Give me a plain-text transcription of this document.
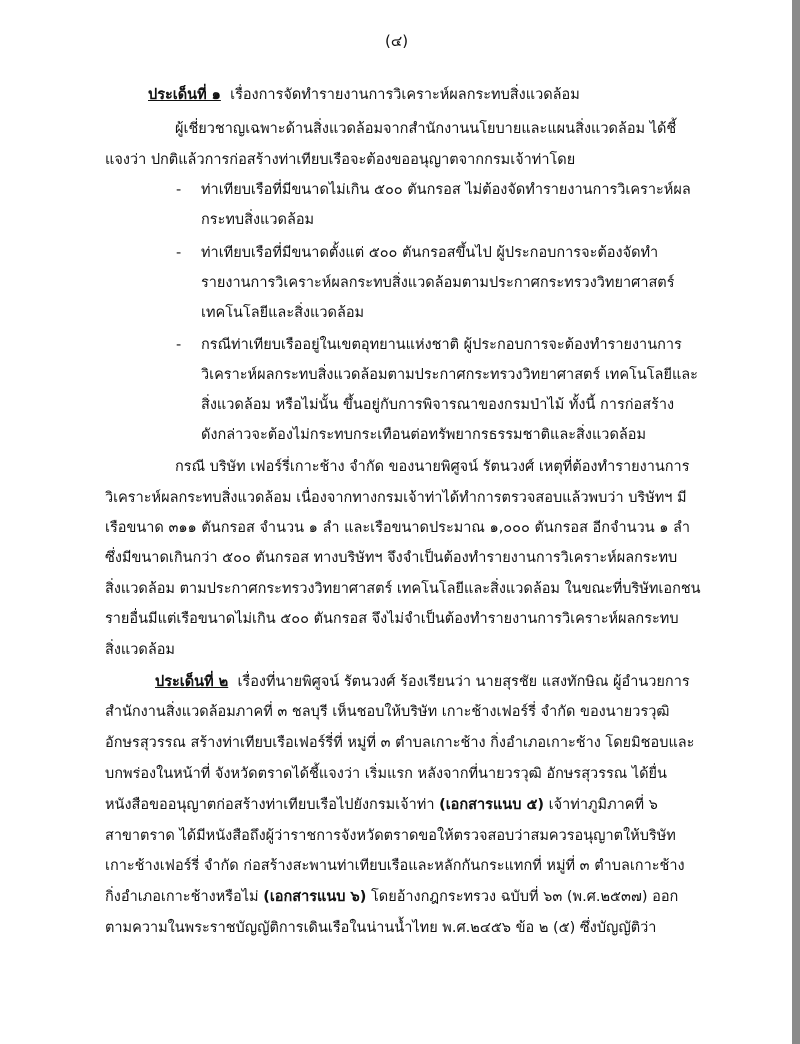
(๔)
ประเด็นที่ ๑ เรื่องการจัดทำรายงานการวิเคราะห์ผลกระทบสิ่งแวดล้อม
ผู้เชี่ยวชาญเฉพาะด้านสิ่งแวดล้อมจากสำนักงานนโยบายและแผนสิ่งแวดล้อม ได้ชี้
แจงว่า ปกติแล้วการก่อสร้างท่าเทียบเรือจะต้องขออนุญาตจากกรมเจ้าท่าโดย
- ท่าเทียบเรือที่มีขนาดไม่เกิน ๕๐๐ ตันกรอส ไม่ต้องจัดทำรายงานการวิเคราะห์ผล
กระทบสิ่งแวดล้อม
- ท่าเทียบเรือที่มีขนาดตั้งแต่ ๕๐๐ ตันกรอสขึ้นไป ผู้ประกอบการจะต้องจัดทำ
รายงานการวิเคราะห์ผลกระทบสิ่งแวดล้อมตามประกาศกระทรวงวิทยาศาสตร์
เทคโนโลยีและสิ่งแวดล้อม
- กรณีท่าเทียบเรืออยู่ในเขตอุทยานแห่งชาติ ผู้ประกอบการจะต้องทำรายงานการ
วิเคราะห์ผลกระทบสิ่งแวดล้อมตามประกาศกระทรวงวิทยาศาสตร์ เทคโนโลยีและ
สิ่งแวดล้อม หรือไม่นั้น ขึ้นอยู่กับการพิจารณาของกรมป่าไม้ ทั้งนี้ การก่อสร้าง
ดังกล่าวจะต้องไม่กระทบกระเทือนต่อทรัพยากรธรรมชาติและสิ่งแวดล้อม
กรณี บริษัท เฟอร์รี่เกาะช้าง จำกัด ของนายพิศูจน์ รัตนวงศ์ เหตุที่ต้องทำรายงานการ
วิเคราะห์ผลกระทบสิ่งแวดล้อม เนื่องจากทางกรมเจ้าท่าได้ทำการตรวจสอบแล้วพบว่า บริษัทฯ มี
เรือขนาด ๓๑๑ ตันกรอส จำนวน ๑ ลำ และเรือขนาดประมาณ ๑,๐๐๐ ตันกรอส อีกจำนวน ๑ ลำ
ซึ่งมีขนาดเกินกว่า ๕๐๐ ตันกรอส ทางบริษัทฯ จึงจำเป็นต้องทำรายงานการวิเคราะห์ผลกระทบ
สิ่งแวดล้อม ตามประกาศกระทรวงวิทยาศาสตร์ เทคโนโลยีและสิ่งแวดล้อม ในขณะที่บริษัทเอกชน
รายอื่นมีแต่เรือขนาดไม่เกิน ๕๐๐ ตันกรอส จึงไม่จำเป็นต้องทำรายงานการวิเคราะห์ผลกระทบ
สิ่งแวดล้อม
ประเด็นที่ ๒ เรื่องที่นายพิศูจน์ รัตนวงศ์ ร้องเรียนว่า นายสุรชัย แสงทักษิณ ผู้อำนวยการ
สำนักงานสิ่งแวดล้อมภาคที่ ๓ ชลบุรี เห็นชอบให้บริษัท เกาะช้างเฟอร์รี่ จำกัด ของนายวรวุฒิ
อักษรสุวรรณ สร้างท่าเทียบเรือเฟอร์รี่ที่ หมู่ที่ ๓ ตำบลเกาะช้าง กิ่งอำเภอเกาะช้าง โดยมิชอบและ
บกพร่องในหน้าที่ จังหวัดตราดได้ชี้แจงว่า เริ่มแรก หลังจากที่นายวรวุฒิ อักษรสุวรรณ ได้ยื่น
หนังสือขออนุญาตก่อสร้างท่าเทียบเรือไปยังกรมเจ้าท่า (เอกสารแนบ ๕) เจ้าท่าภูมิภาคที่ ๖
สาขาตราด ได้มีหนังสือถึงผู้ว่าราชการจังหวัดตราดขอให้ตรวจสอบว่าสมควรอนุญาตให้บริษัท
เกาะช้างเฟอร์รี่ จำกัด ก่อสร้างสะพานท่าเทียบเรือและหลักกันกระแทกที่ หมู่ที่ ๓ ตำบลเกาะช้าง
กิ่งอำเภอเกาะช้างหรือไม่ (เอกสารแนบ ๖) โดยอ้างกฎกระทรวง ฉบับที่ ๖๓ (พ.ศ.๒๕๓๗) ออก
ตามความในพระราชบัญญัติการเดินเรือในน่านน้ำไทย พ.ศ.๒๔๕๖ ข้อ ๒ (๕) ซึ่งบัญญัติว่า
